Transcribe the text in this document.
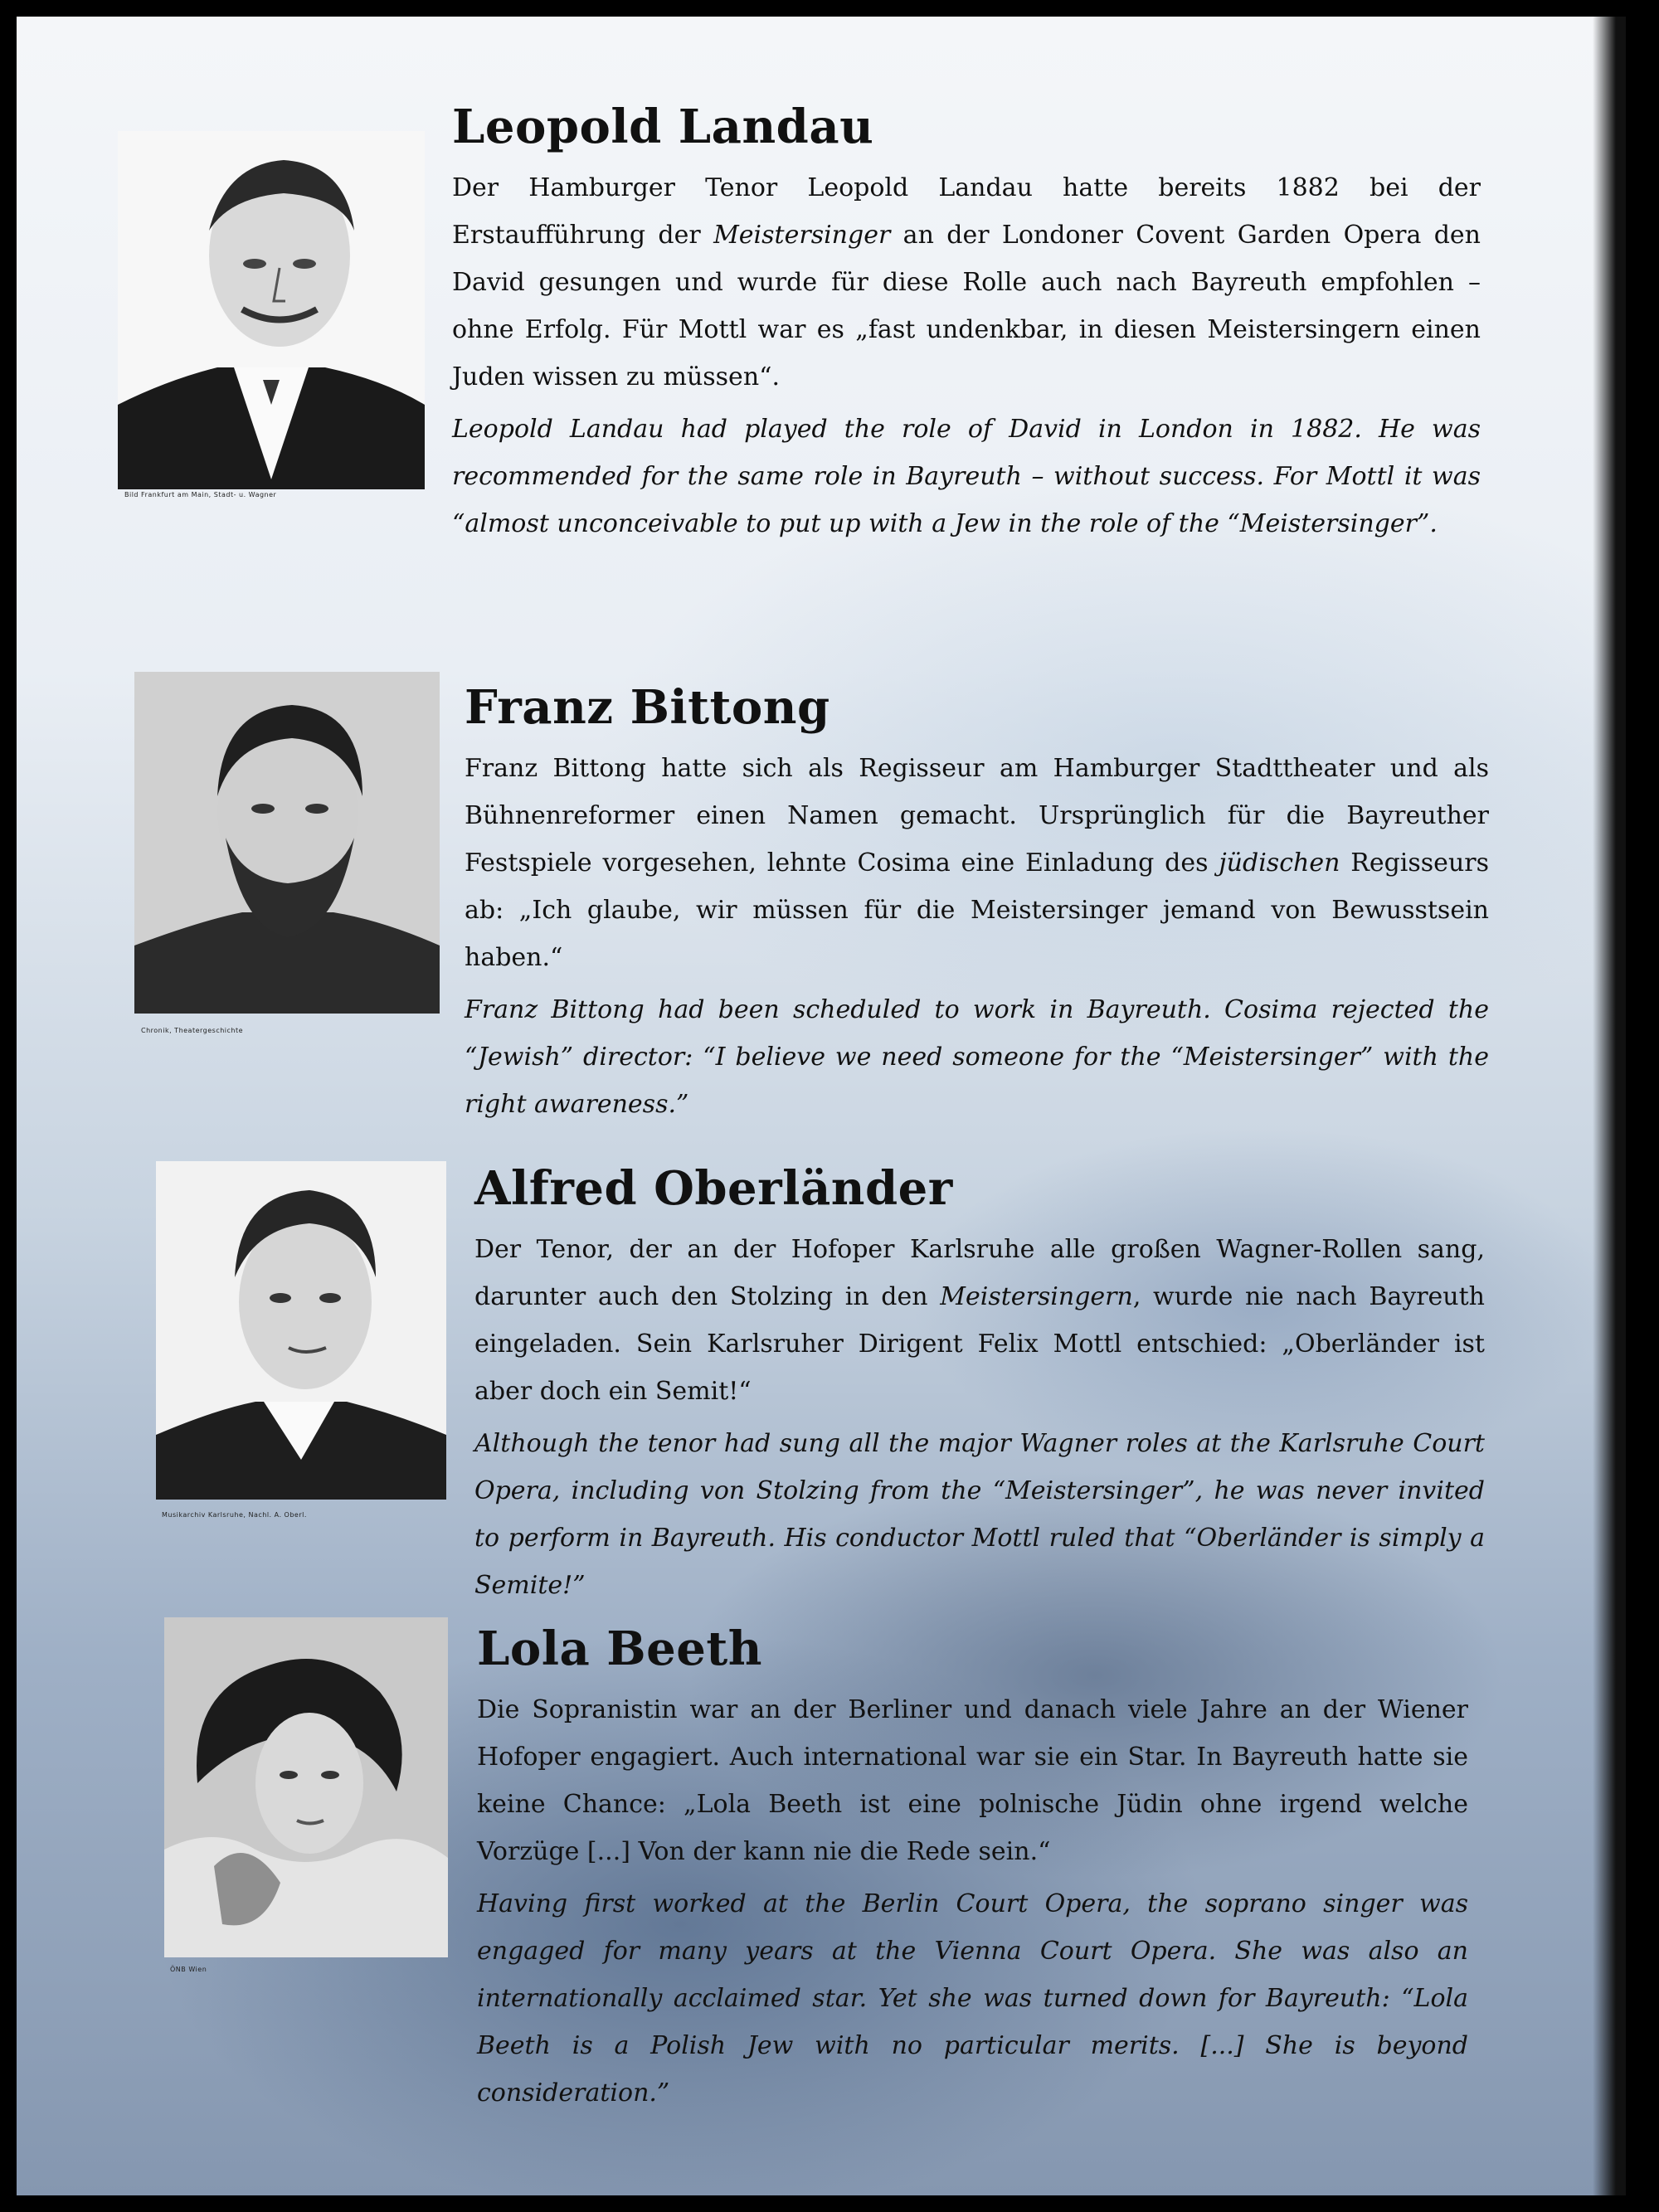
Bild Frankfurt am Main, Stadt- u. Wagner
Leopold Landau

Der Hamburger Tenor Leopold Landau hatte bereits 1882 bei der Erstaufführung der Meistersinger an der Londoner Covent Garden Opera den David gesungen und wurde für diese Rolle auch nach Bayreuth empfohlen – ohne Erfolg. Für Mottl war es „fast undenkbar, in diesen Meistersingern einen Juden wissen zu müssen“.

Leopold Landau had played the role of David in London in 1882. He was recommended for the same role in Bayreuth – without success. For Mottl it was “almost unconceivable to put up with a Jew in the role of the “Meistersinger”.

Chronik, Theatergeschichte
Franz Bittong

Franz Bittong hatte sich als Regisseur am Hamburger Stadttheater und als Bühnenreformer einen Namen gemacht. Ursprünglich für die Bayreuther Festspiele vorgesehen, lehnte Cosima eine Einladung des jüdischen Regisseurs ab: „Ich glaube, wir müssen für die Meistersinger jemand von Bewusstsein haben.“

Franz Bittong had been scheduled to work in Bayreuth. Cosima rejected the “Jewish” director: “I believe we need someone for the “Meistersinger” with the right awareness.”

Musikarchiv Karlsruhe, Nachl. A. Oberl.
Alfred Oberländer

Der Tenor, der an der Hofoper Karlsruhe alle großen Wagner-Rollen sang, darunter auch den Stolzing in den Meistersingern, wurde nie nach Bayreuth eingeladen. Sein Karlsruher Dirigent Felix Mottl entschied: „Oberländer ist aber doch ein Semit!“

Although the tenor had sung all the major Wagner roles at the Karlsruhe Court Opera, including von Stolzing from the “Meistersinger”, he was never invited to perform in Bayreuth. His conductor Mottl ruled that “Oberländer is simply a Semite!”

ÖNB Wien
Lola Beeth

Die Sopranistin war an der Berliner und danach viele Jahre an der Wiener Hofoper engagiert. Auch international war sie ein Star. In Bayreuth hatte sie keine Chance: „Lola Beeth ist eine polnische Jüdin ohne irgend welche Vorzüge [...] Von der kann nie die Rede sein.“

Having first worked at the Berlin Court Opera, the soprano singer was engaged for many years at the Vienna Court Opera. She was also an internationally acclaimed star. Yet she was turned down for Bayreuth: “Lola Beeth is a Polish Jew with no particular merits. [...] She is beyond consideration.”
